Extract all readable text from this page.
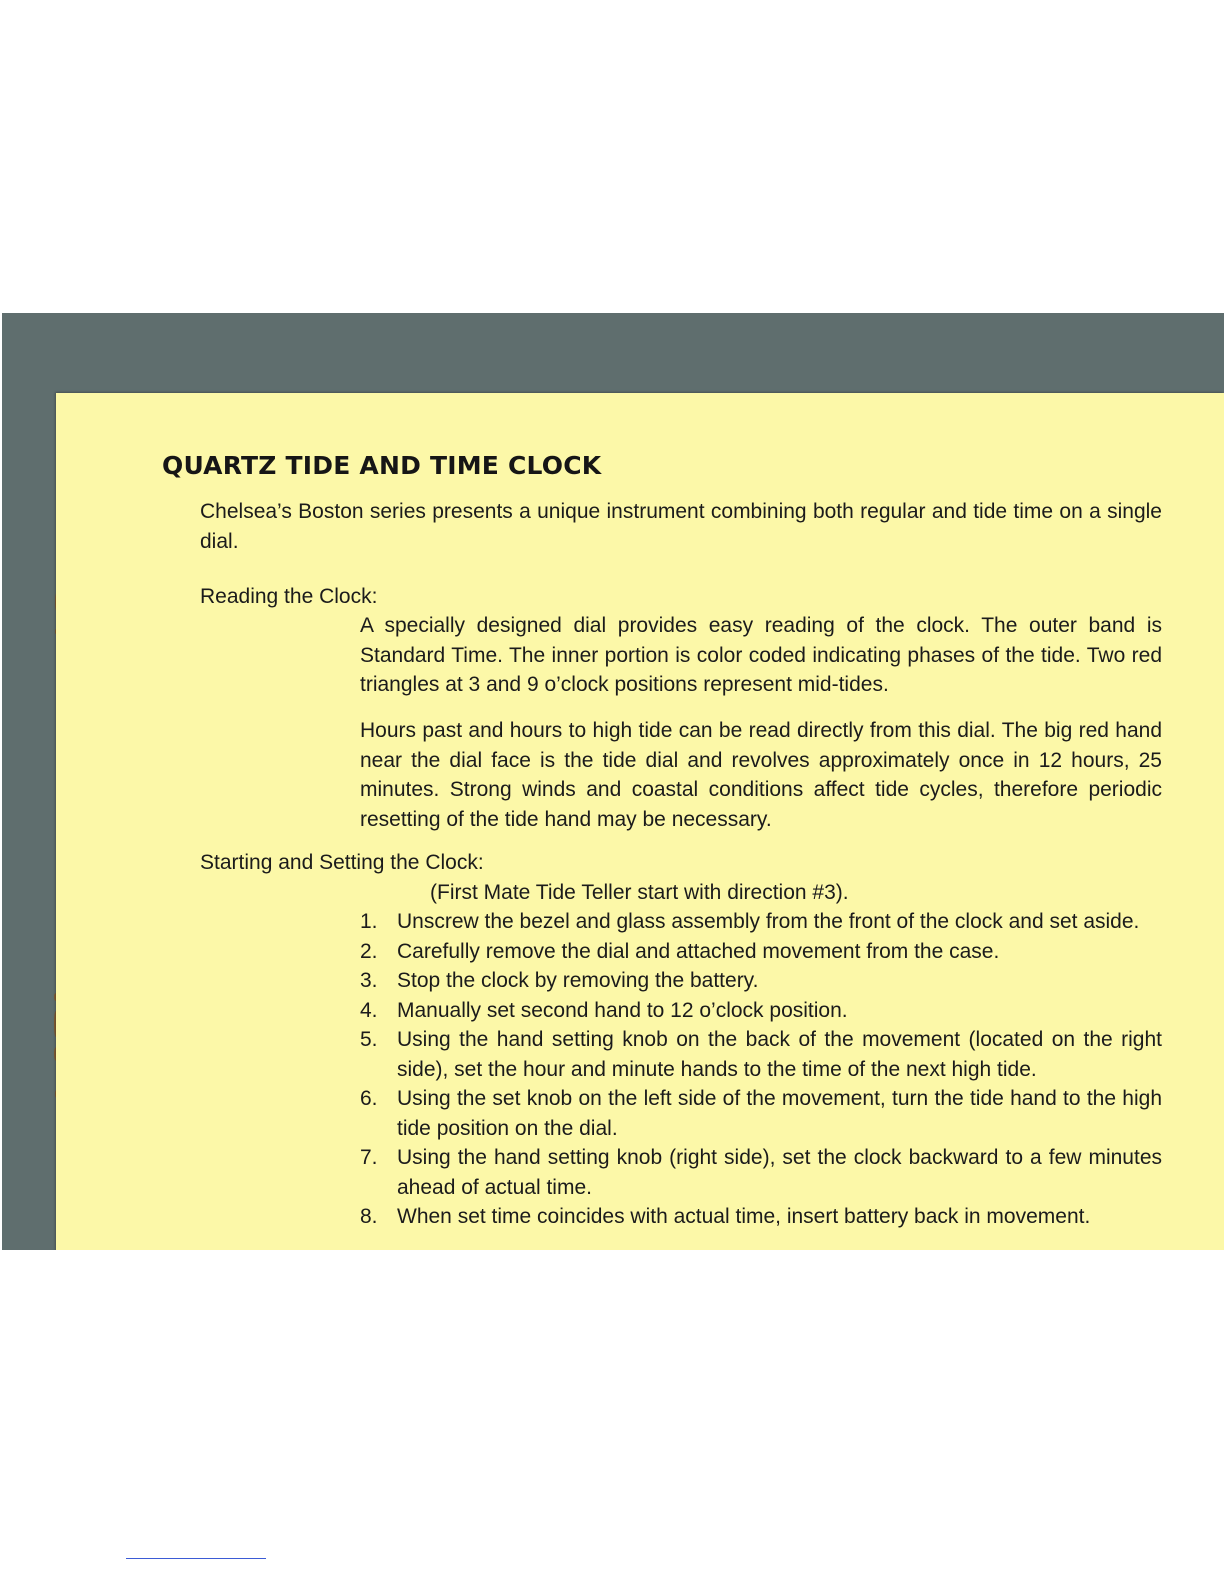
QUARTZ TIDE AND TIME CLOCK

Chelsea’s Boston series presents a unique instrument combining both regular and tide time on a single dial.

Reading the Clock:

A specially designed dial provides easy reading of the clock. The outer band is Standard Time. The inner portion is color coded indicating phases of the tide. Two red triangles at 3 and 9 o’clock positions represent mid-tides.

Hours past and hours to high tide can be read directly from this dial. The big red hand near the dial face is the tide dial and revolves approximately once in 12 hours, 25 minutes. Strong winds and coastal conditions affect tide cycles, therefore periodic resetting of the tide hand may be necessary.

Starting and Setting the Clock:

(First Mate Tide Teller start with direction #3).

1. Unscrew the bezel and glass assembly from the front of the clock and set aside.
2. Carefully remove the dial and attached movement from the case.
3. Stop the clock by removing the battery.
4. Manually set second hand to 12 o’clock position.
5. Using the hand setting knob on the back of the movement (located on the right side), set the hour and minute hands to the time of the next high tide.
6. Using the set knob on the left side of the movement, turn the tide hand to the high tide position on the dial.
7. Using the hand setting knob (right side), set the clock backward to a few minutes ahead of actual time.
8. When set time coincides with actual time, insert battery back in movement.
